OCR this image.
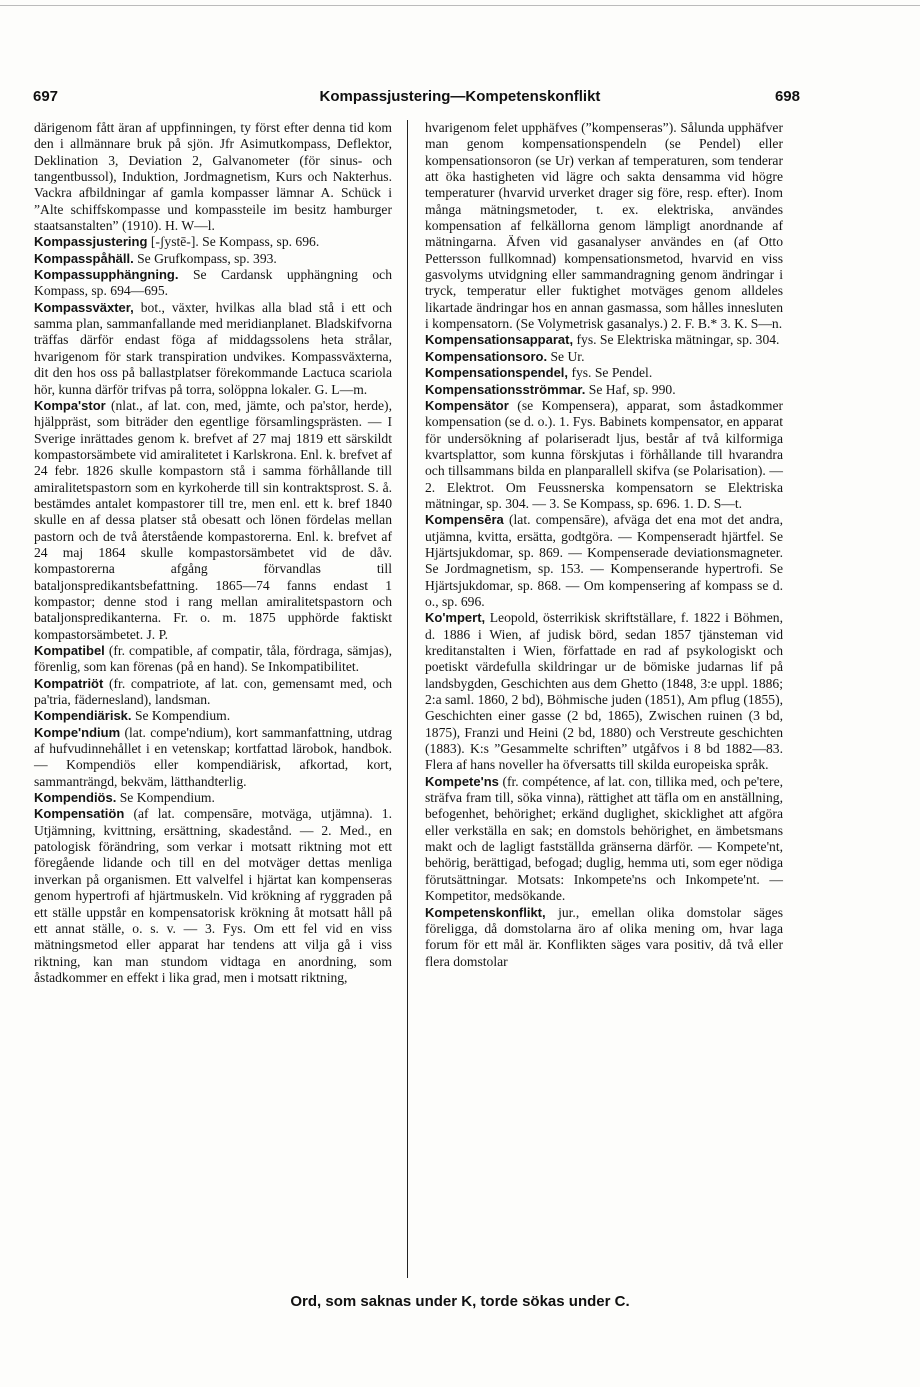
697	Kompassjustering—Kompetenskonflikt	698

därigenom fått äran af uppfinningen, ty först efter denna tid kom den i allmännare bruk på sjön. Jfr Asimutkompass, Deflektor, Deklination 3, Deviation 2, Galvanometer (för sinus- och tangentbussol), Induktion, Jordmagnetism, Kurs och Nakterhus. Vackra afbildningar af gamla kompasser lämnar A. Schück i ”Alte schiffskompasse und kompassteile im besitz hamburger staatsanstalten” (1910). H. W—l.

Kompassjustering [-ʃystē-]. Se Kompass, sp. 696.

Kompasspåhäll. Se Grufkompass, sp. 393.

Kompassupphängning. Se Cardansk upphängning och Kompass, sp. 694—695.

Kompassväxter, bot., växter, hvilkas alla blad stå i ett och samma plan, sammanfallande med meridianplanet. Bladskifvorna träffas därför endast föga af middagssolens heta strålar, hvarigenom för stark transpiration undvikes. Kompassväxterna, dit den hos oss på ballastplatser förekommande Lactuca scariola hör, kunna därför trifvas på torra, solöppna lokaler. G. L—m.

Kompa'stor (nlat., af lat. con, med, jämte, och pa'stor, herde), hjälppräst, som biträder den egentlige församlingsprästen. — I Sverige inrättades genom k. brefvet af 27 maj 1819 ett särskildt kompastorsämbete vid amiralitetet i Karlskrona. Enl. k. brefvet af 24 febr. 1826 skulle kompastorn stå i samma förhållande till amiralitetspastorn som en kyrkoherde till sin kontraktsprost. S. å. bestämdes antalet kompastorer till tre, men enl. ett k. bref 1840 skulle en af dessa platser stå obesatt och lönen fördelas mellan pastorn och de två återstående kompastorerna. Enl. k. brefvet af 24 maj 1864 skulle kompastorsämbetet vid de dåv. kompastorerna afgång förvandlas till bataljonspredikantsbefattning. 1865—74 fanns endast 1 kompastor; denne stod i rang mellan amiralitetspastorn och bataljonspredikanterna. Fr. o. m. 1875 upphörde faktiskt kompastorsämbetet. J. P.

Kompatibel (fr. compatible, af compatir, tåla, fördraga, sämjas), förenlig, som kan förenas (på en hand). Se Inkompatibilitet.

Kompatriöt (fr. compatriote, af lat. con, gemensamt med, och pa'tria, fädernesland), landsman.

Kompendiärisk. Se Kompendium.

Kompe'ndium (lat. compe'ndium), kort sammanfattning, utdrag af hufvudinnehållet i en vetenskap; kortfattad lärobok, handbok. — Kompendiös eller kompendiärisk, afkortad, kort, sammanträngd, bekväm, lätthandterlig.

Kompendiös. Se Kompendium.

Kompensatiön (af lat. compensāre, motväga, utjämna). 1. Utjämning, kvittning, ersättning, skadestånd. — 2. Med., en patologisk förändring, som verkar i motsatt riktning mot ett föregående lidande och till en del motväger dettas menliga inverkan på organismen. Ett valvelfel i hjärtat kan kompenseras genom hypertrofi af hjärtmuskeln. Vid krökning af ryggraden på ett ställe uppstår en kompensatorisk krökning åt motsatt håll på ett annat ställe, o. s. v. — 3. Fys. Om ett fel vid en viss mätningsmetod eller apparat har tendens att vilja gå i viss riktning, kan man stundom vidtaga en anordning, som åstadkommer en effekt i lika grad, men i motsatt riktning,

hvarigenom felet upphäfves (”kompenseras”). Sålunda upphäfver man genom kompensationspendeln (se Pendel) eller kompensationsoron (se Ur) verkan af temperaturen, som tenderar att öka hastigheten vid lägre och sakta densamma vid högre temperaturer (hvarvid urverket drager sig före, resp. efter). Inom många mätningsmetoder, t. ex. elektriska, användes kompensation af felkällorna genom lämpligt anordnande af mätningarna. Äfven vid gasanalyser användes en (af Otto Pettersson fullkomnad) kompensationsmetod, hvarvid en viss gasvolyms utvidgning eller sammandragning genom ändringar i tryck, temperatur eller fuktighet motväges genom alldeles likartade ändringar hos en annan gasmassa, som hålles innesluten i kompensatorn. (Se Volymetrisk gasanalys.) 2. F. B.* 3. K. S—n.

Kompensationsapparat, fys. Se Elektriska mätningar, sp. 304.

Kompensationsoro. Se Ur.

Kompensationspendel, fys. Se Pendel.

Kompensationsströmmar. Se Haf, sp. 990.

Kompensätor (se Kompensera), apparat, som åstadkommer kompensation (se d. o.). 1. Fys. Babinets kompensator, en apparat för undersökning af polariseradt ljus, består af två kilformiga kvartsplattor, som kunna förskjutas i förhållande till hvarandra och tillsammans bilda en planparallell skifva (se Polarisation). — 2. Elektrot. Om Feussnerska kompensatorn se Elektriska mätningar, sp. 304. — 3. Se Kompass, sp. 696. 1. D. S—t.

Kompensēra (lat. compensāre), afväga det ena mot det andra, utjämna, kvitta, ersätta, godtgöra. — Kompenseradt hjärtfel. Se Hjärtsjukdomar, sp. 869. — Kompenserade deviationsmagneter. Se Jordmagnetism, sp. 153. — Kompenserande hypertrofi. Se Hjärtsjukdomar, sp. 868. — Om kompensering af kompass se d. o., sp. 696.

Ko'mpert, Leopold, österrikisk skriftställare, f. 1822 i Böhmen, d. 1886 i Wien, af judisk börd, sedan 1857 tjänsteman vid kreditanstalten i Wien, författade en rad af psykologiskt och poetiskt värdefulla skildringar ur de bömiske judarnas lif på landsbygden, Geschichten aus dem Ghetto (1848, 3:e uppl. 1886; 2:a saml. 1860, 2 bd), Böhmische juden (1851), Am pflug (1855), Geschichten einer gasse (2 bd, 1865), Zwischen ruinen (3 bd, 1875), Franzi und Heini (2 bd, 1880) och Verstreute geschichten (1883). K:s ”Gesammelte schriften” utgåfvos i 8 bd 1882—83. Flera af hans noveller ha öfversatts till skilda europeiska språk.

Kompete'ns (fr. compétence, af lat. con, tillika med, och pe'tere, sträfva fram till, söka vinna), rättighet att täfla om en anställning, befogenhet, behörighet; erkänd duglighet, skicklighet att afgöra eller verkställa en sak; en domstols behörighet, en ämbetsmans makt och de lagligt fastställda gränserna därför. — Kompete'nt, behörig, berättigad, befogad; duglig, hemma uti, som eger nödiga förutsättningar. Motsats: Inkompete'ns och Inkompete'nt. — Kompetitor, medsökande.

Kompetenskonflikt, jur., emellan olika domstolar säges föreligga, då domstolarna äro af olika mening om, hvar laga forum för ett mål är. Konflikten säges vara positiv, då två eller flera domstolar

Ord, som saknas under K, torde sökas under C.
